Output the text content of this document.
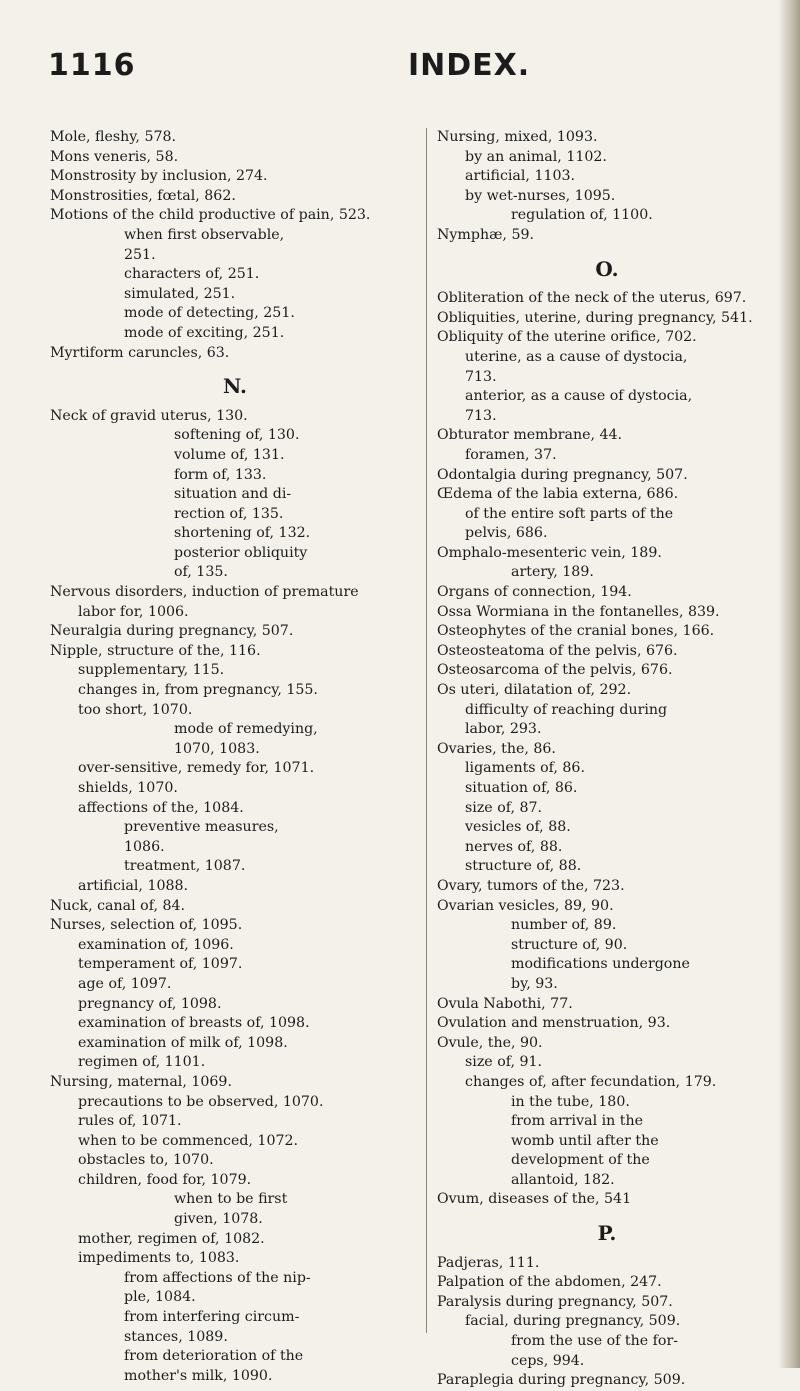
1116	INDEX.

Mole, fleshy, 578.

Mons veneris, 58.

Monstrosity by inclusion, 274.

Monstrosities, fœtal, 862.

Motions of the child productive of pain, 523.

when first observable,

251.

characters of, 251.

simulated, 251.

mode of detecting, 251.

mode of exciting, 251.

Myrtiform caruncles, 63.

N.

Neck of gravid uterus, 130.

softening of, 130.

volume of, 131.

form of, 133.

situation and di-

rection of, 135.

shortening of, 132.

posterior obliquity

of, 135.

Nervous disorders, induction of premature

labor for, 1006.

Neuralgia during pregnancy, 507.

Nipple, structure of the, 116.

supplementary, 115.

changes in, from pregnancy, 155.

too short, 1070.

mode of remedying,

1070, 1083.

over-sensitive, remedy for, 1071.

shields, 1070.

affections of the, 1084.

preventive measures,

1086.

treatment, 1087.

artificial, 1088.

Nuck, canal of, 84.

Nurses, selection of, 1095.

examination of, 1096.

temperament of, 1097.

age of, 1097.

pregnancy of, 1098.

examination of breasts of, 1098.

examination of milk of, 1098.

regimen of, 1101.

Nursing, maternal, 1069.

precautions to be observed, 1070.

rules of, 1071.

when to be commenced, 1072.

obstacles to, 1070.

children, food for, 1079.

when to be first

given, 1078.

mother, regimen of, 1082.

impediments to, 1083.

from affections of the nip-

ple, 1084.

from interfering circum-

stances, 1089.

from deterioration of the

mother's milk, 1090.

Nursing, mixed, 1093.

by an animal, 1102.

artificial, 1103.

by wet-nurses, 1095.

regulation of, 1100.

Nymphæ, 59.

O.

Obliteration of the neck of the uterus, 697.

Obliquities, uterine, during pregnancy, 541.

Obliquity of the uterine orifice, 702.

uterine, as a cause of dystocia,

713.

anterior, as a cause of dystocia,

713.

Obturator membrane, 44.

foramen, 37.

Odontalgia during pregnancy, 507.

Œdema of the labia externa, 686.

of the entire soft parts of the

pelvis, 686.

Omphalo-mesenteric vein, 189.

artery, 189.

Organs of connection, 194.

Ossa Wormiana in the fontanelles, 839.

Osteophytes of the cranial bones, 166.

Osteosteatoma of the pelvis, 676.

Osteosarcoma of the pelvis, 676.

Os uteri, dilatation of, 292.

difficulty of reaching during

labor, 293.

Ovaries, the, 86.

ligaments of, 86.

situation of, 86.

size of, 87.

vesicles of, 88.

nerves of, 88.

structure of, 88.

Ovary, tumors of the, 723.

Ovarian vesicles, 89, 90.

number of, 89.

structure of, 90.

modifications undergone

by, 93.

Ovula Nabothi, 77.

Ovulation and menstruation, 93.

Ovule, the, 90.

size of, 91.

changes of, after fecundation, 179.

in the tube, 180.

from arrival in the

womb until after the

development of the

allantoid, 182.

Ovum, diseases of the, 541

P.

Padjeras, 111.

Palpation of the abdomen, 247.

Paralysis during pregnancy, 507.

facial, during pregnancy, 509.

from the use of the for-

ceps, 994.

Paraplegia during pregnancy, 509.
